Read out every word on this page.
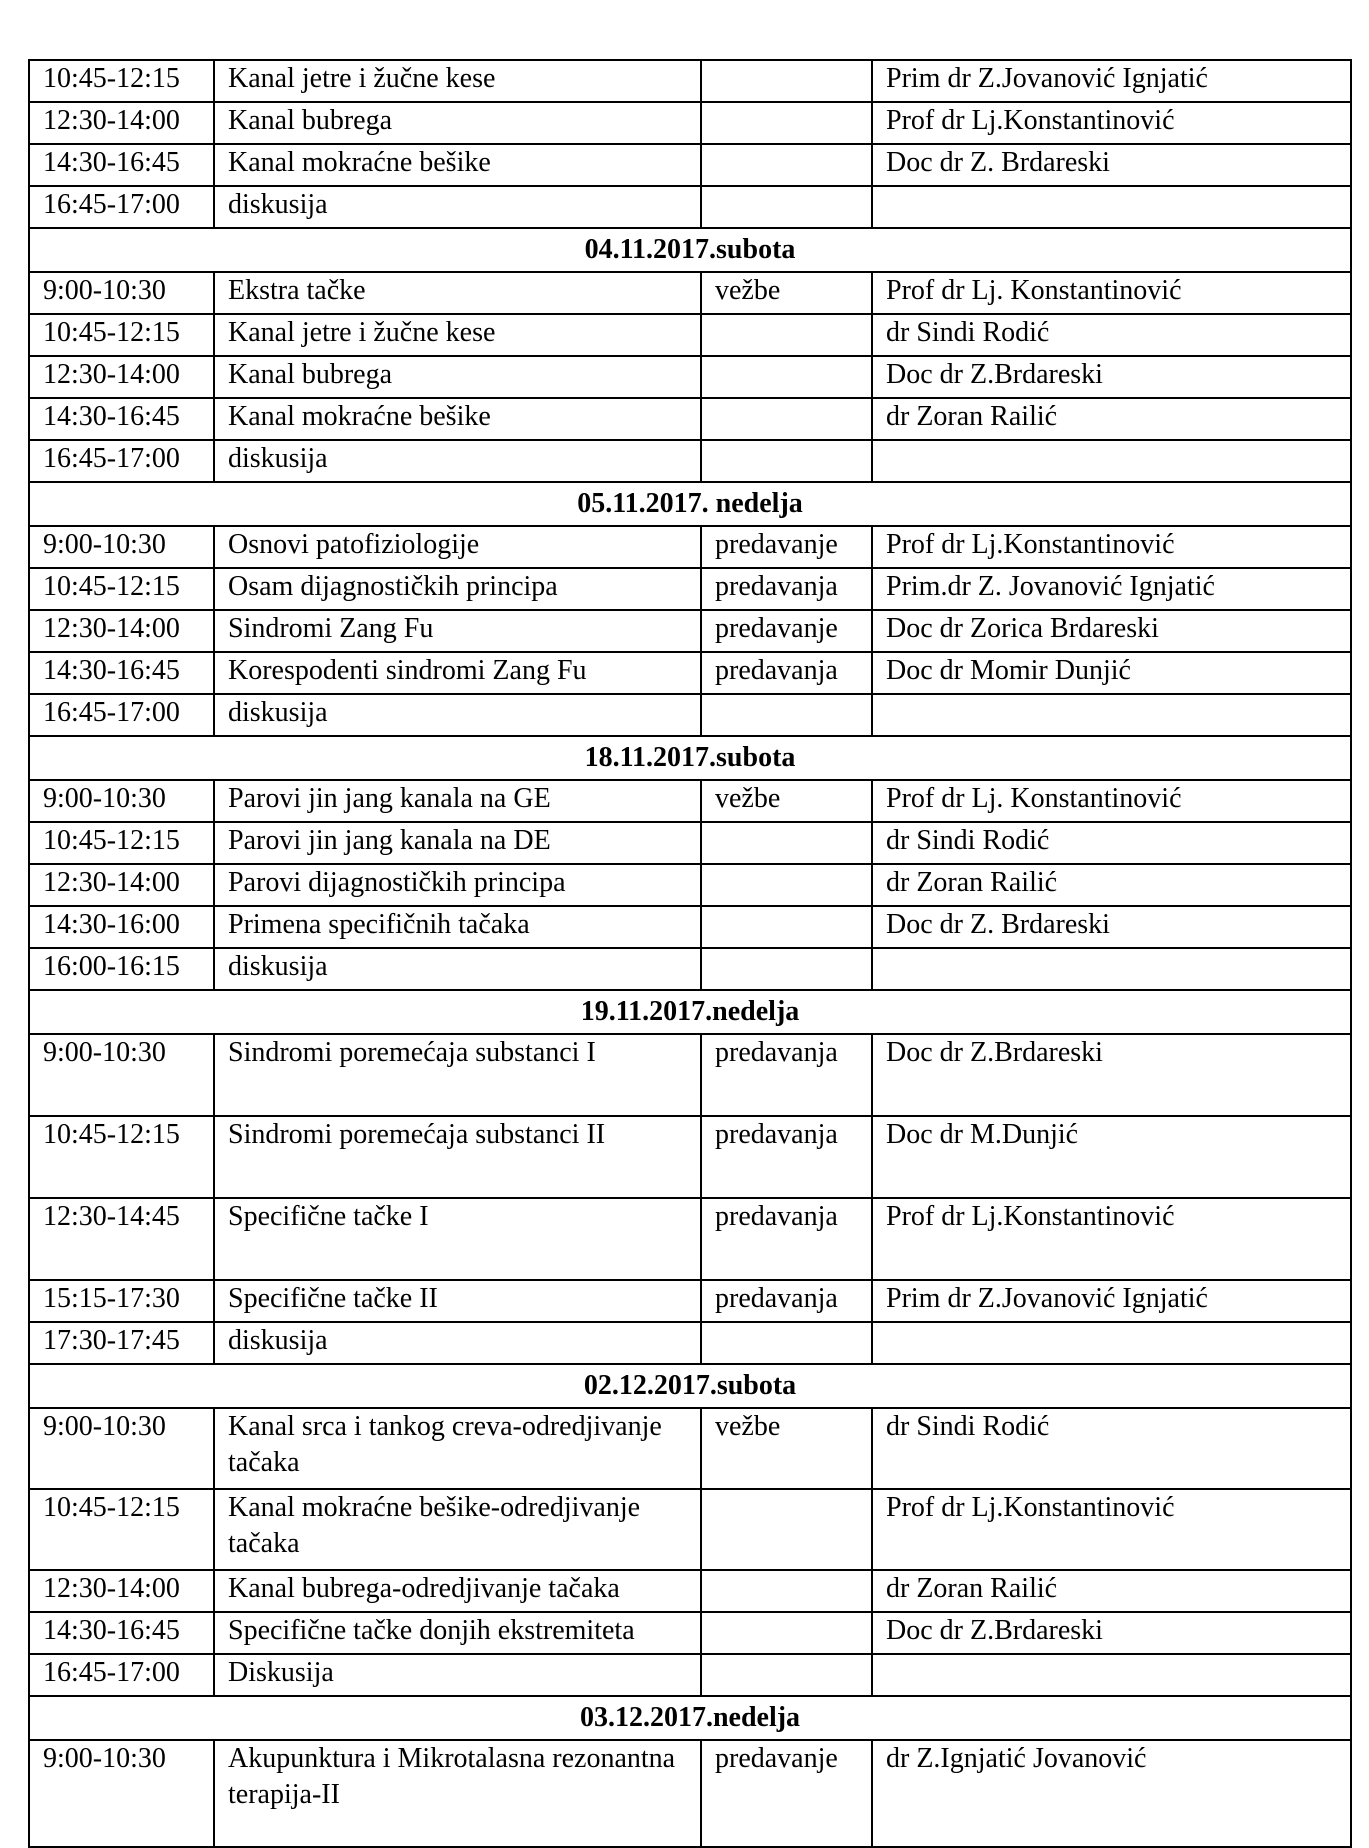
10:45-12:15	Kanal jetre i žučne kese		Prim dr Z.Jovanović Ignjatić
12:30-14:00	Kanal bubrega		Prof dr Lj.Konstantinović
14:30-16:45	Kanal mokraćne bešike		Doc dr Z. Brdareski
16:45-17:00	diskusija		
04.11.2017.subota			
9:00-10:30	Ekstra tačke	vežbe	Prof dr Lj. Konstantinović
10:45-12:15	Kanal jetre i žučne kese		dr Sindi Rodić
12:30-14:00	Kanal bubrega		Doc dr Z.Brdareski
14:30-16:45	Kanal mokraćne bešike		dr Zoran Railić
16:45-17:00	diskusija		
05.11.2017. nedelja			
9:00-10:30	Osnovi patofiziologije	predavanje	Prof dr Lj.Konstantinović
10:45-12:15	Osam dijagnostičkih principa	predavanja	Prim.dr Z. Jovanović Ignjatić
12:30-14:00	Sindromi Zang Fu	predavanje	Doc dr Zorica Brdareski
14:30-16:45	Korespodenti sindromi Zang Fu	predavanja	Doc dr Momir Dunjić
16:45-17:00	diskusija		
18.11.2017.subota			
9:00-10:30	Parovi jin jang kanala na GE	vežbe	Prof dr Lj. Konstantinović
10:45-12:15	Parovi jin jang kanala na DE		dr Sindi Rodić
12:30-14:00	Parovi dijagnostičkih principa		dr Zoran Railić
14:30-16:00	Primena specifičnih tačaka		Doc dr Z. Brdareski
16:00-16:15	diskusija		
19.11.2017.nedelja			
9:00-10:30	Sindromi poremećaja substanci I	predavanja	Doc dr Z.Brdareski
10:45-12:15	Sindromi poremećaja substanci II	predavanja	Doc dr M.Dunjić
12:30-14:45	Specifične tačke I	predavanja	Prof dr Lj.Konstantinović
15:15-17:30	Specifične tačke II	predavanja	Prim dr Z.Jovanović Ignjatić
17:30-17:45	diskusija		
02.12.2017.subota			
9:00-10:30	Kanal srca i tankog creva-odredjivanje tačaka	vežbe	dr Sindi Rodić
10:45-12:15	Kanal mokraćne bešike-odredjivanje tačaka		Prof dr Lj.Konstantinović
12:30-14:00	Kanal bubrega-odredjivanje tačaka		dr Zoran Railić
14:30-16:45	Specifične tačke donjih ekstremiteta		Doc dr Z.Brdareski
16:45-17:00	Diskusija		
03.12.2017.nedelja			
9:00-10:30	Akupunktura i Mikrotalasna rezonantna terapija-II	predavanje	dr Z.Ignjatić Jovanović
